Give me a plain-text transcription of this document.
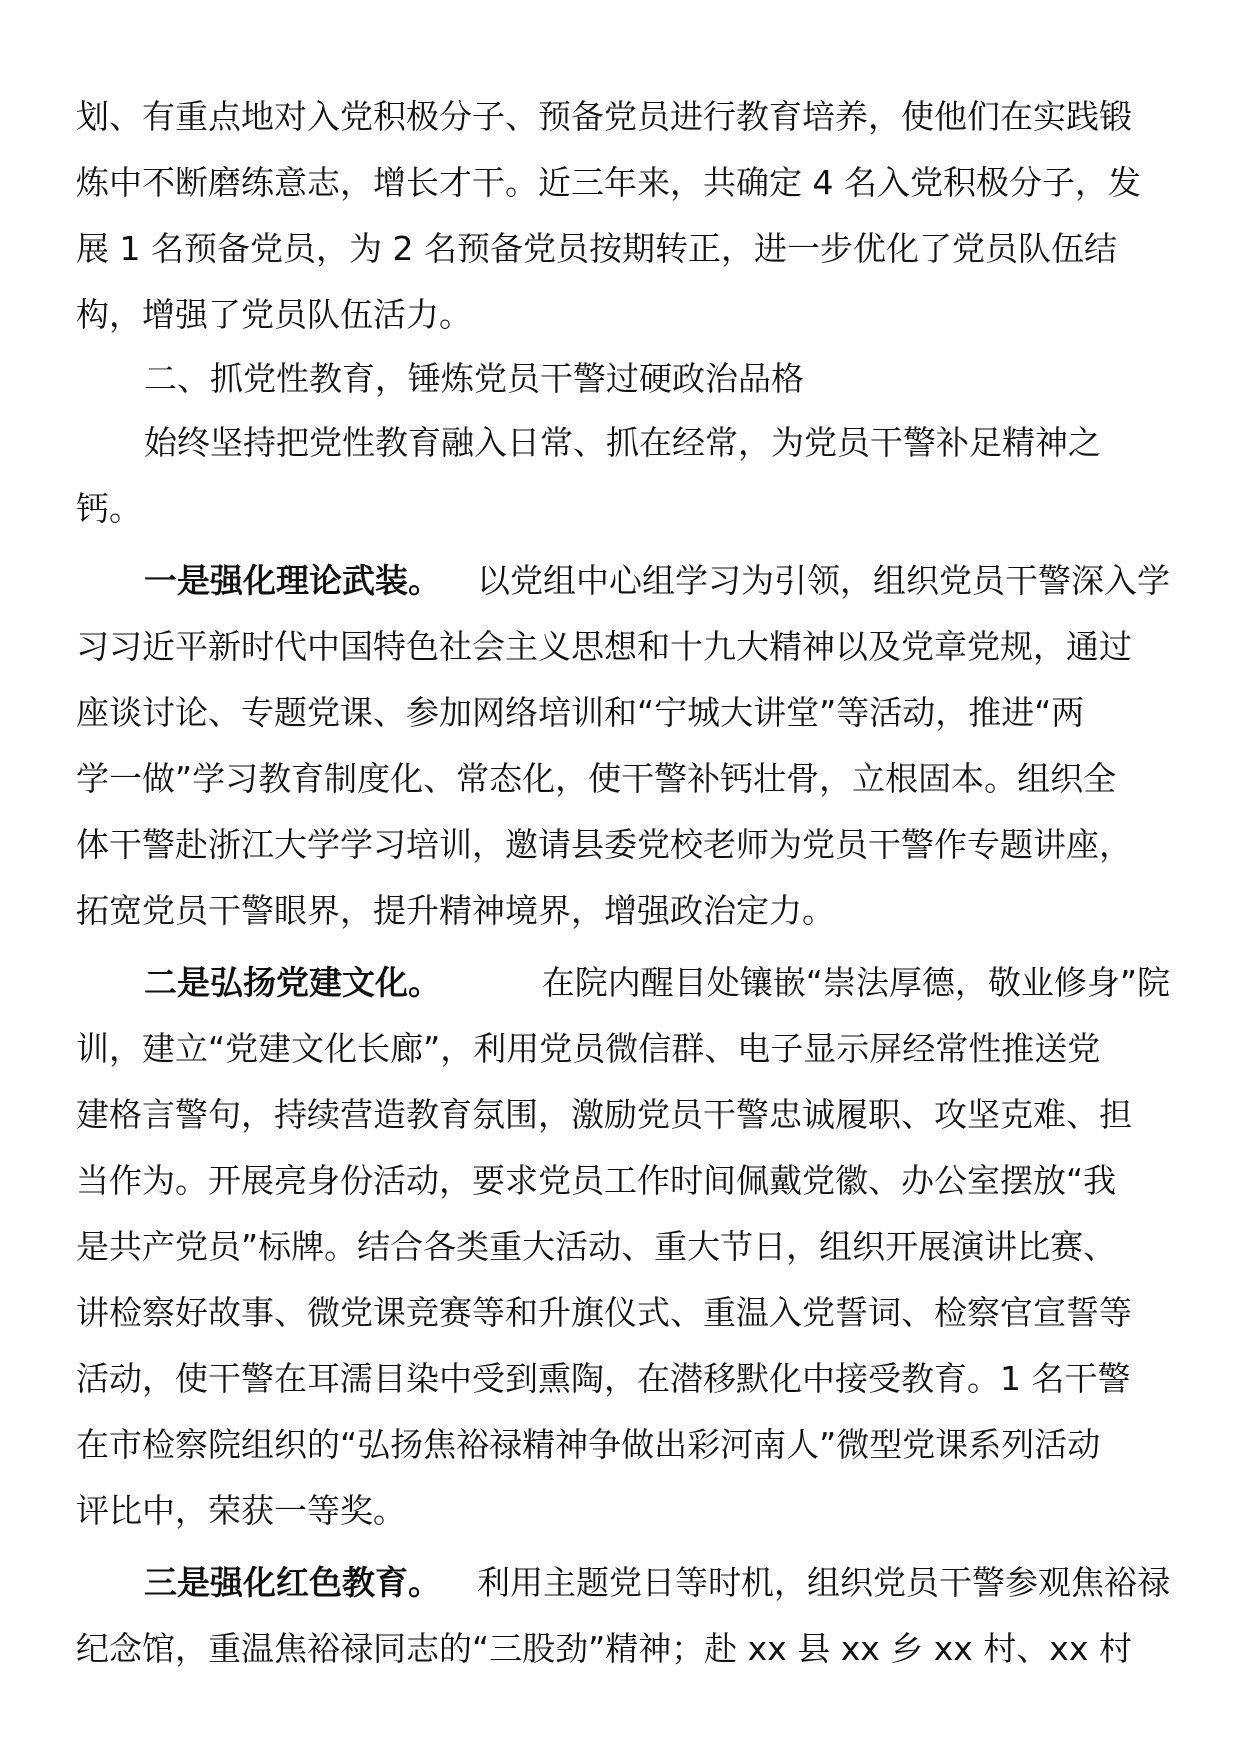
划、有重点地对入党积极分子、预备党员进行教育培养，使他们在实践锻
炼中不断磨练意志，增长才干。近三年来，共确定 4 名入党积极分子，发
展 1 名预备党员，为 2 名预备党员按期转正，进一步优化了党员队伍结
构，增强了党员队伍活力。
二、抓党性教育，锤炼党员干警过硬政治品格
始终坚持把党性教育融入日常、抓在经常，为党员干警补足精神之
钙。
一是强化理论武装。 以党组中心组学习为引领，组织党员干警深入学
习习近平新时代中国特色社会主义思想和十九大精神以及党章党规，通过
座谈讨论、专题党课、参加网络培训和“宁城大讲堂”等活动，推进“两
学一做”学习教育制度化、常态化，使干警补钙壮骨，立根固本。组织全
体干警赴浙江大学学习培训，邀请县委党校老师为党员干警作专题讲座，
拓宽党员干警眼界，提升精神境界，增强政治定力。
二是弘扬党建文化。	在院内醒目处镶嵌“崇法厚德，敬业修身”院
训，建立“党建文化长廊”，利用党员微信群、电子显示屏经常性推送党
建格言警句，持续营造教育氛围，激励党员干警忠诚履职、攻坚克难、担
当作为。开展亮身份活动，要求党员工作时间佩戴党徽、办公室摆放“我
是共产党员”标牌。结合各类重大活动、重大节日，组织开展演讲比赛、
讲检察好故事、微党课竞赛等和升旗仪式、重温入党誓词、检察官宣誓等
活动，使干警在耳濡目染中受到熏陶，在潜移默化中接受教育。1 名干警
在市检察院组织的“弘扬焦裕禄精神争做出彩河南人”微型党课系列活动
评比中，荣获一等奖。
三是强化红色教育。 利用主题党日等时机，组织党员干警参观焦裕禄
纪念馆，重温焦裕禄同志的“三股劲”精神；赴 xx 县 xx 乡 xx 村、xx 村
